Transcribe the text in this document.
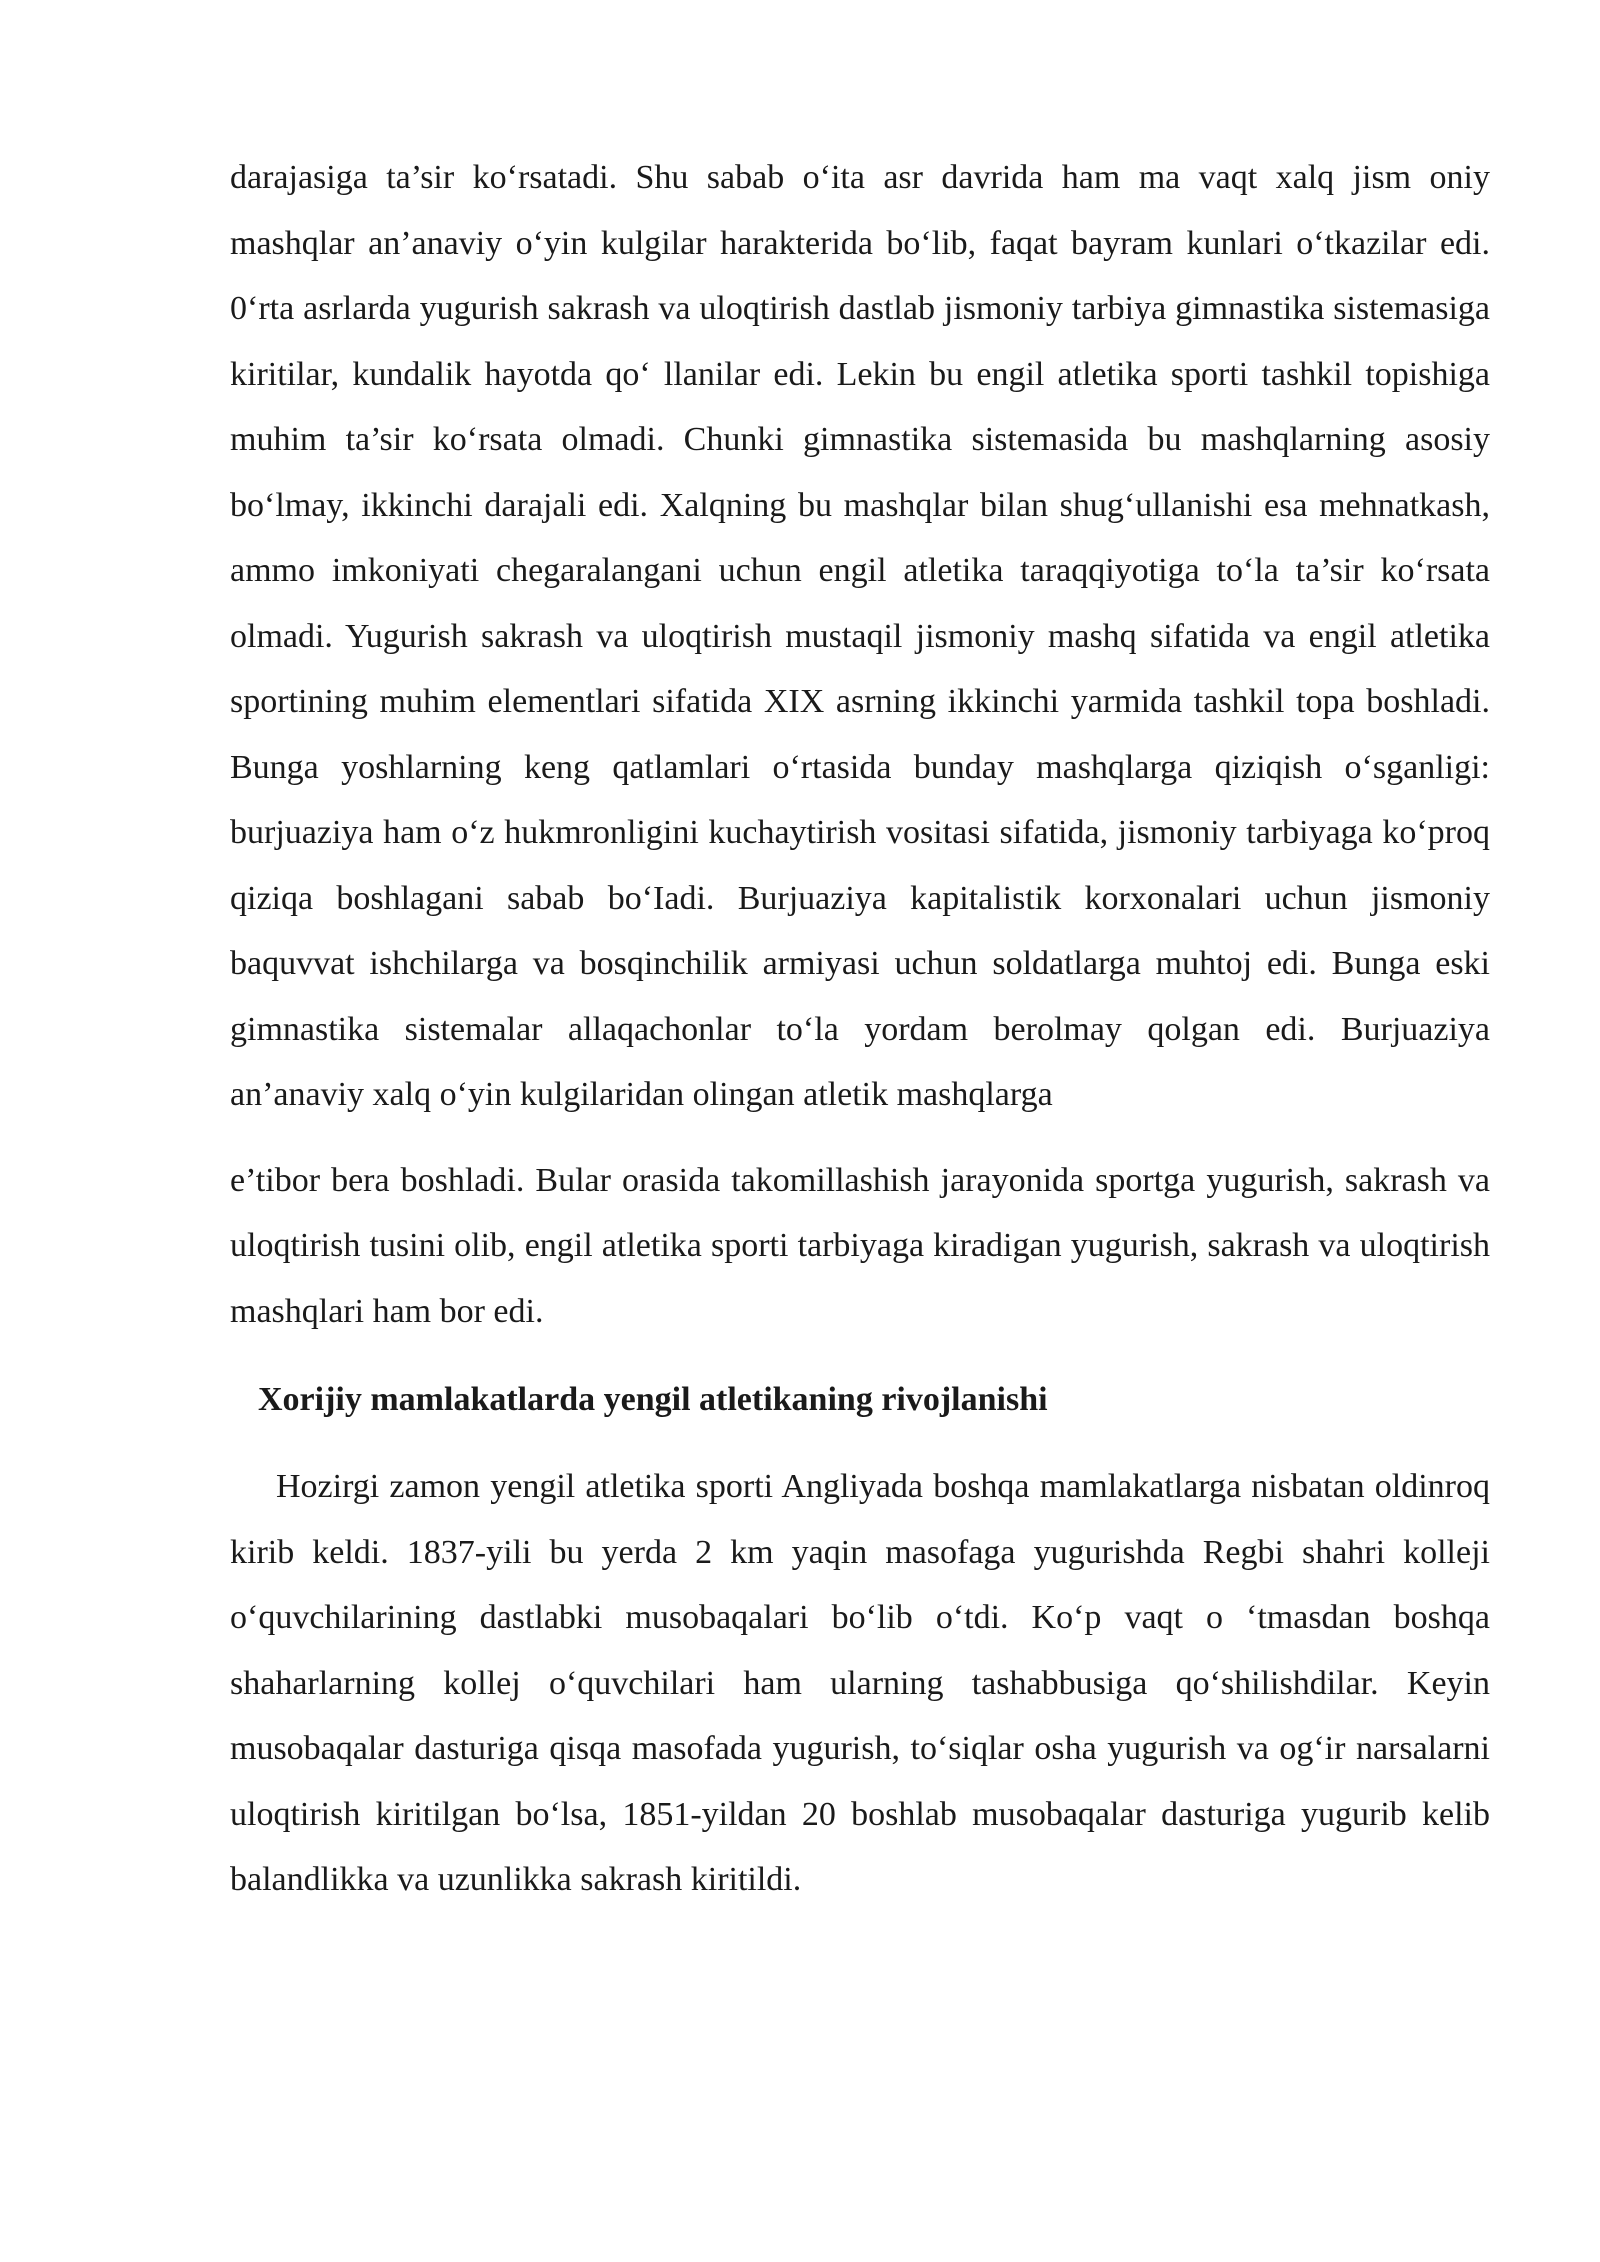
darajasiga ta’sir ko‘rsatadi. Shu sabab o‘ita asr davrida ham ma vaqt xalq jism oniy mashqlar an’anaviy o‘yin kulgilar harakterida bo‘lib, faqat bayram kunlari o‘tkazilar edi. 0‘rta asrlarda yugurish sakrash va uloqtirish dastlab jismoniy tarbiya gimnastika sistemasiga kiritilar, kundalik hayotda qo‘ llanilar edi. Lekin bu engil atletika sporti tashkil topishiga muhim ta’sir ko‘rsata olmadi. Chunki gimnastika sistemasida bu mashqlarning asosiy bo‘lmay, ikkinchi darajali edi. Xalqning bu mashqlar bilan shug‘ullanishi esa mehnatkash, ammo imkoniyati chegaralangani uchun engil atletika taraqqiyotiga to‘la ta’sir ko‘rsata olmadi. Yugurish sakrash va uloqtirish mustaqil jismoniy mashq sifatida va engil atletika sportining muhim elementlari sifatida XIX asrning ikkinchi yarmida tashkil topa boshladi. Bunga yoshlarning keng qatlamlari o‘rtasida bunday mashqlarga qiziqish o‘sganligi: burjuaziya ham o‘z hukmronligini kuchaytirish vositasi sifatida, jismoniy tarbiyaga ko‘proq qiziqa boshlagani sabab bo‘Iadi. Burjuaziya kapitalistik korxonalari uchun jismoniy baquvvat ishchilarga va bosqinchilik armiyasi uchun soldatlarga muhtoj edi. Bunga eski gimnastika sistemalar allaqachonlar to‘la yordam berolmay qolgan edi. Burjuaziya an’anaviy xalq o‘yin kulgilaridan olingan atletik mashqlarga

e’tibor bera boshladi. Bular orasida takomillashish jarayonida sportga yugurish, sakrash va uloqtirish tusini olib, engil atletika sporti tarbiyaga kiradigan yugurish, sakrash va uloqtirish mashqlari ham bor edi.

Xorijiy mamlakatlarda yengil atletikaning rivojlanishi

Hozirgi zamon yengil atletika sporti Angliyada boshqa mamlakatlarga nisbatan oldinroq kirib keldi. 1837-yili bu yerda 2 km yaqin masofaga yugurishda Regbi shahri kolleji o‘quvchilarining dastlabki musobaqalari bo‘lib o‘tdi. Ko‘p vaqt o ‘tmasdan boshqa shaharlarning kollej o‘quvchilari ham ularning tashabbusiga qo‘shilishdilar. Keyin musobaqalar dasturiga qisqa masofada yugurish, to‘siqlar osha yugurish va og‘ir narsalarni uloqtirish kiritilgan bo‘lsa, 1851-yildan 20 boshlab musobaqalar dasturiga yugurib kelib balandlikka va uzunlikka sakrash kiritildi.
